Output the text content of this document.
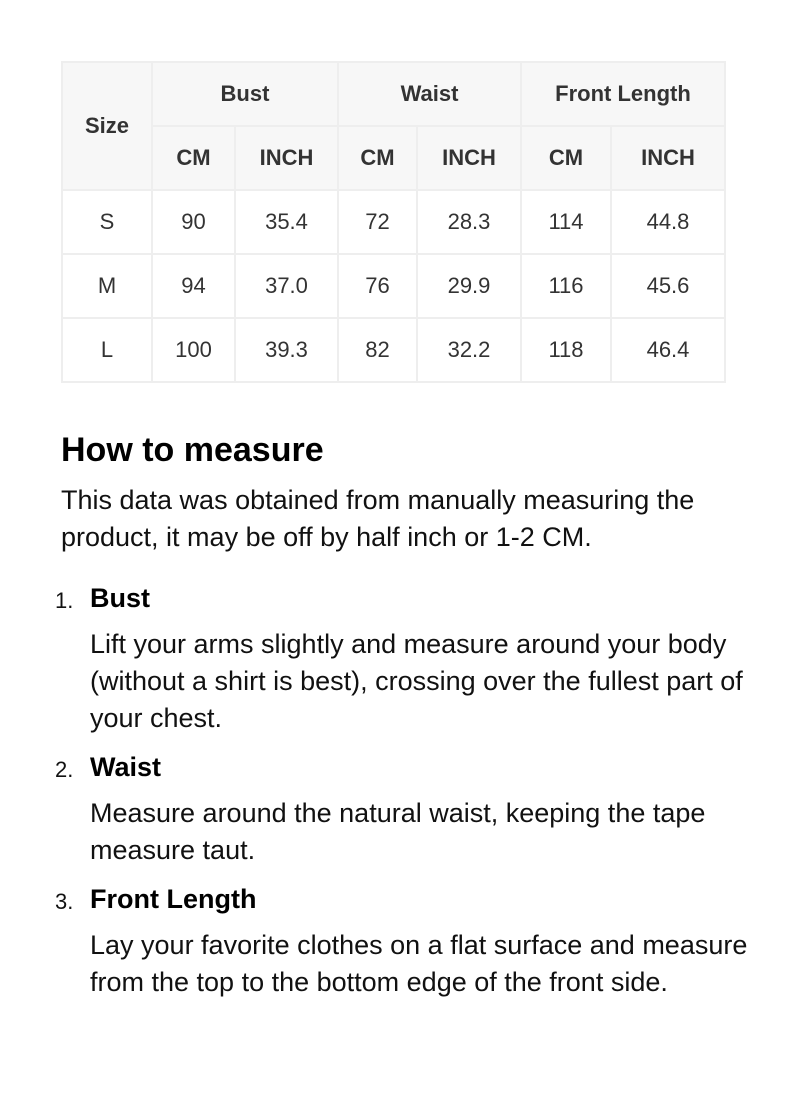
Size	Bust		Waist		Front Length	
	CM	INCH	CM	INCH	CM	INCH
S	90	35.4	72	28.3	114	44.8
M	94	37.0	76	29.9	116	45.6
L	100	39.3	82	32.2	118	46.4
How to measure

This data was obtained from manually measuring the product, it may be off by half inch or 1-2 CM.

1. Bust
Lift your arms slightly and measure around your body (without a shirt is best), crossing over the fullest part of your chest.
2. Waist
Measure around the natural waist, keeping the tape measure taut.
3. Front Length
Lay your favorite clothes on a flat surface and measure from the top to the bottom edge of the front side.
